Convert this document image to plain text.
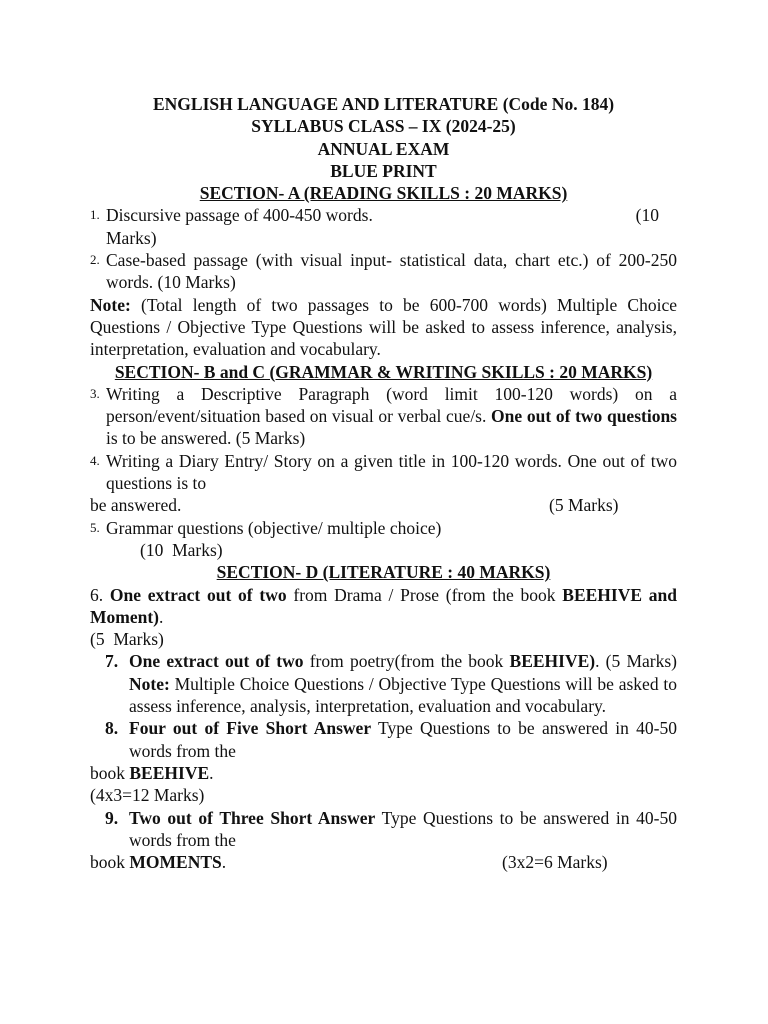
ENGLISH LANGUAGE AND LITERATURE (Code No. 184)
SYLLABUS CLASS – IX (2024-25)
ANNUAL EXAM
BLUE PRINT
SECTION- A (READING SKILLS : 20 MARKS)
1. Discursive passage of 400-450 words.	(10
Marks)
2. Case-based passage (with visual input- statistical data, chart etc.) of 200-250 words. (10 Marks)
Note: (Total length of two passages to be 600-700 words) Multiple Choice Questions / Objective Type Questions will be asked to assess inference, analysis, interpretation, evaluation and vocabulary.
SECTION- B and C (GRAMMAR & WRITING SKILLS : 20 MARKS)
3. Writing a Descriptive Paragraph (word limit 100-120 words) on a person/event/situation based on visual or verbal cue/s. One out of two questions is to be answered. (5 Marks)
4. Writing a Diary Entry/ Story on a given title in 100-120 words. One out of two questions is to
be answered.	(5 Marks)
5. Grammar questions (objective/ multiple choice)
(10  Marks)
SECTION- D (LITERATURE : 40 MARKS)
6. One extract out of two from Drama / Prose (from the book BEEHIVE and Moment).
(5  Marks)
7. One extract out of two from poetry(from the book BEEHIVE). (5 Marks)  Note: Multiple Choice Questions / Objective Type Questions will be asked to assess inference, analysis, interpretation, evaluation and vocabulary.
8. Four out of Five Short Answer Type Questions to be answered in 40-50 words from the
book BEEHIVE.
(4x3=12 Marks)
9. Two out of Three Short Answer Type Questions to be answered in 40-50 words from the
book MOMENTS.	(3x2=6 Marks)
